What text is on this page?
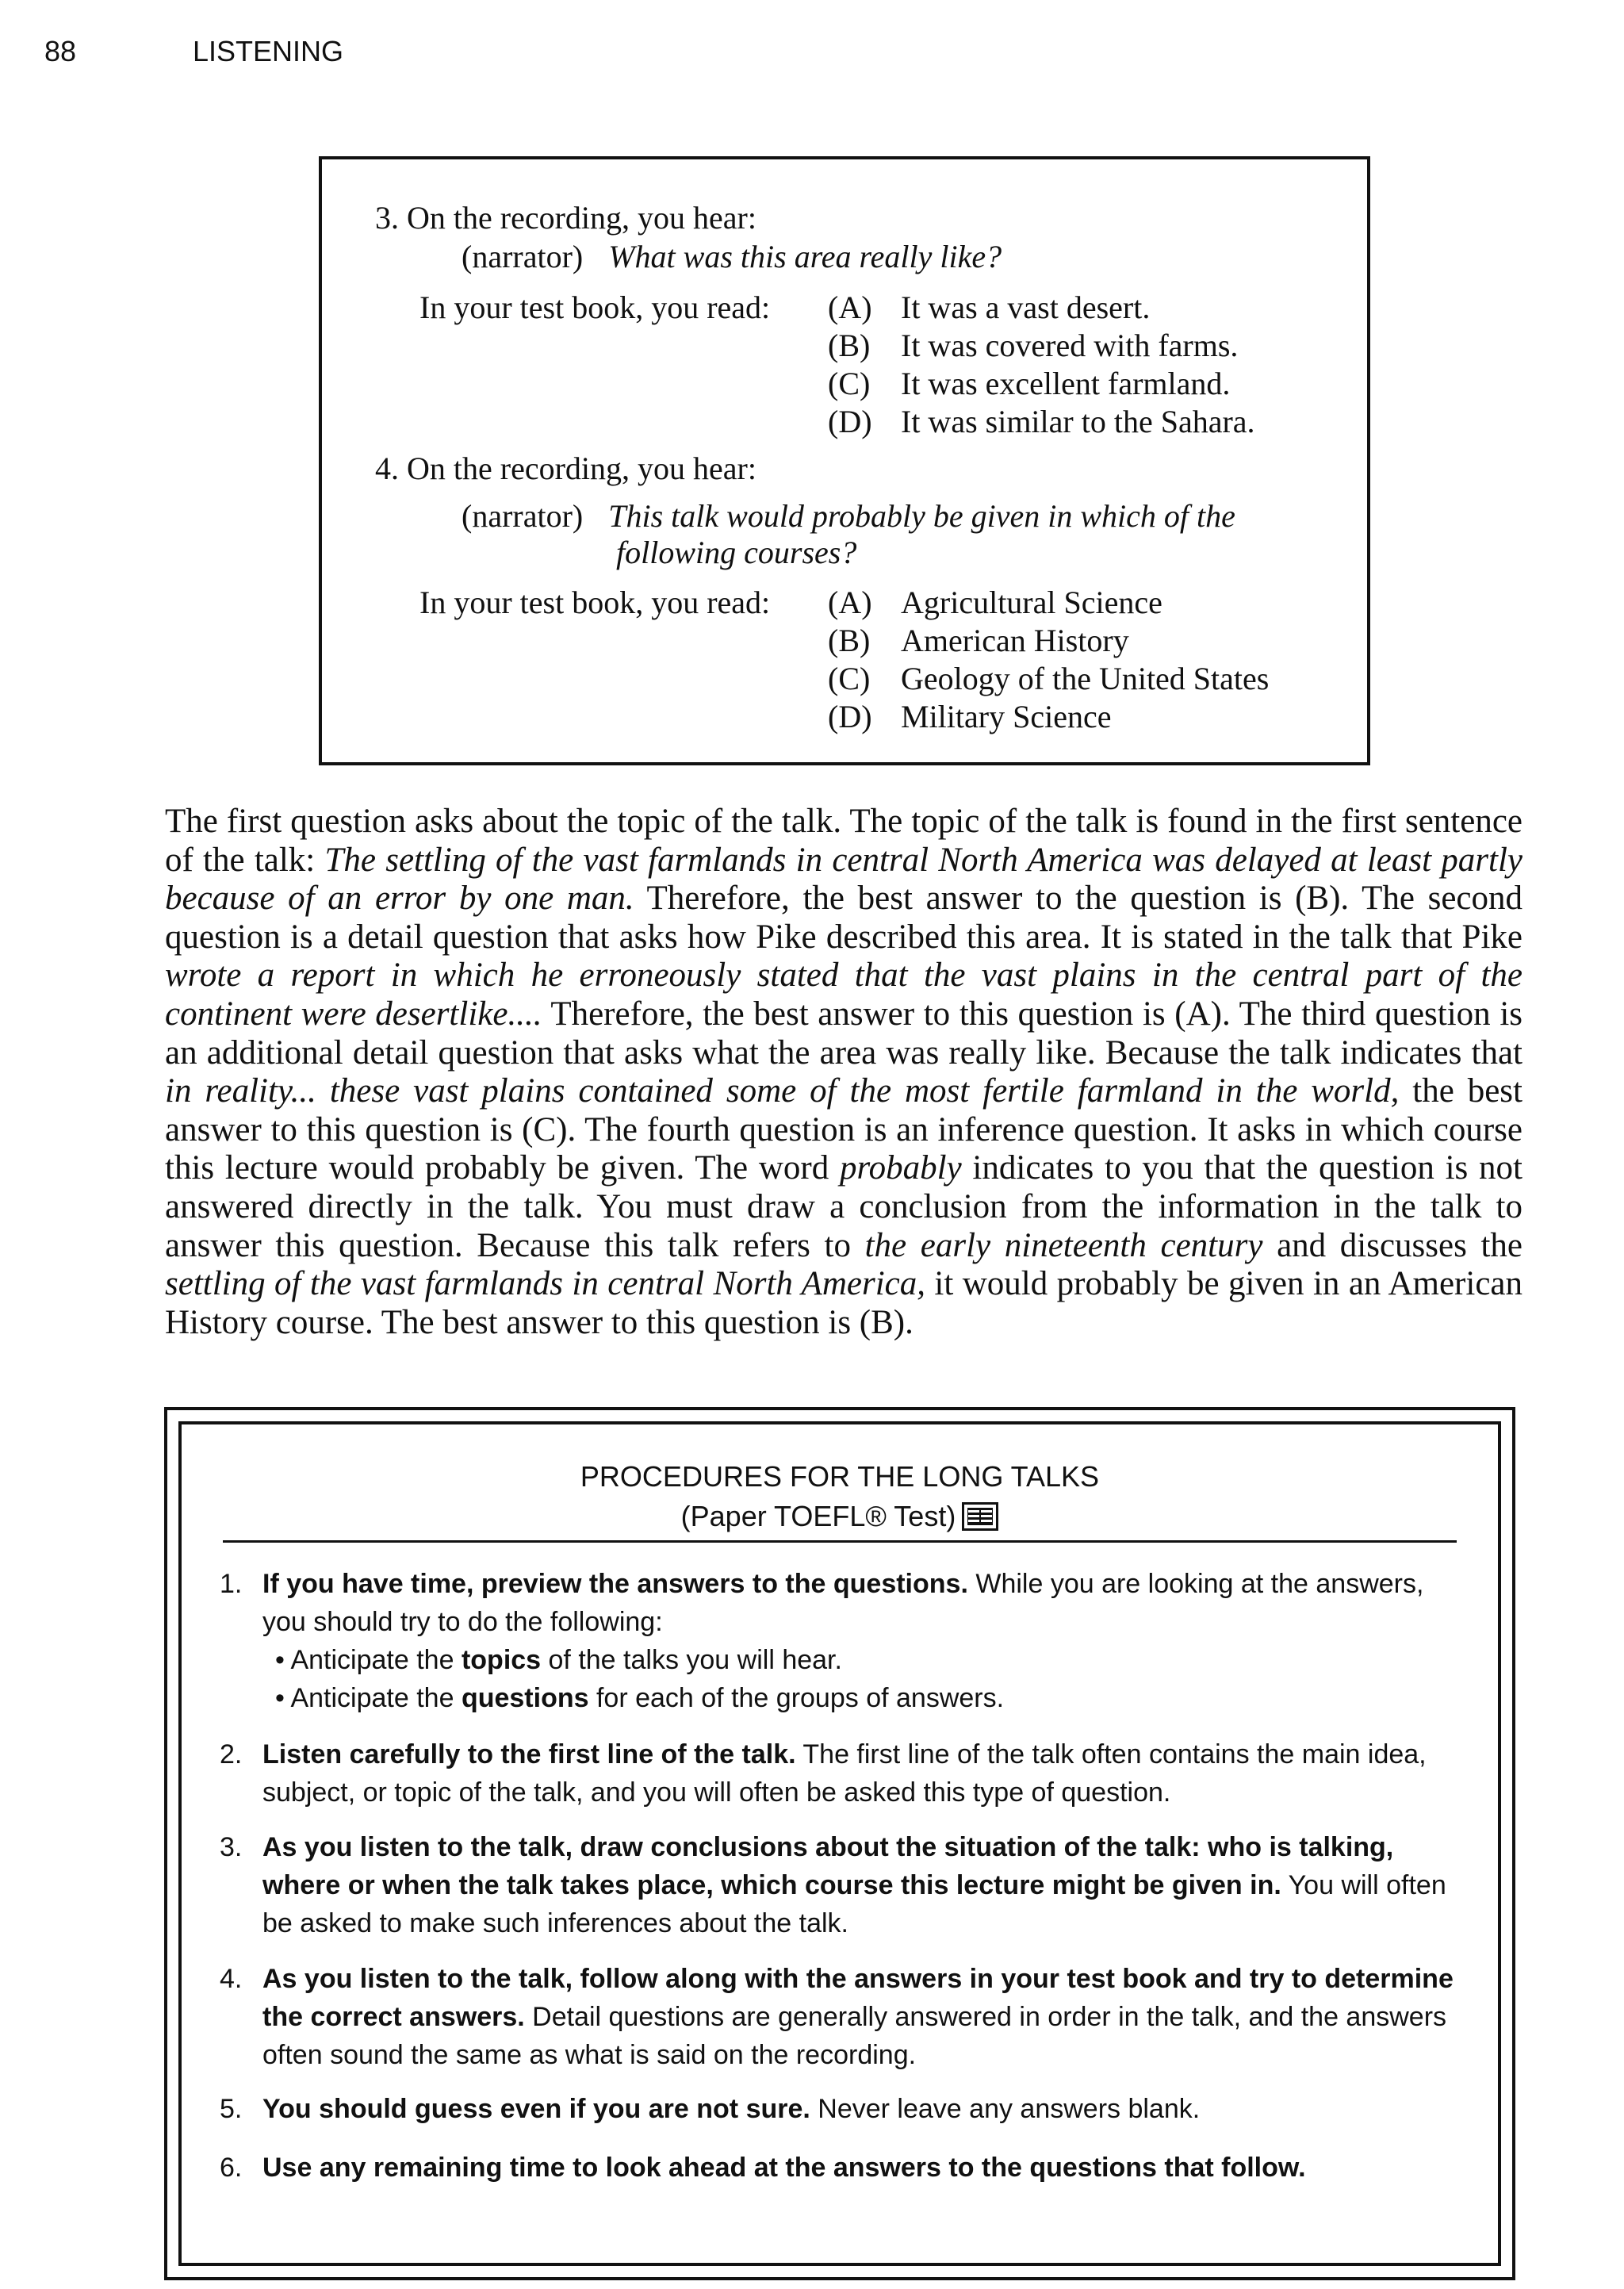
88	LISTENING
3. On the recording, you hear:
(narrator) What was this area really like?
In your test book, you read: (A) It was a vast desert.
(B) It was covered with farms.
(C) It was excellent farmland.
(D) It was similar to the Sahara.
4. On the recording, you hear:
(narrator) This talk would probably be given in which of the
following courses?
In your test book, you read: (A) Agricultural Science
(B) American History
(C) Geology of the United States
(D) Military Science
The first question asks about the topic of the talk. The topic of the talk is found in the first sentence of the talk: The settling of the vast farmlands in central North America was delayed at least partly because of an error by one man. Therefore, the best answer to the question is (B). The second question is a detail question that asks how Pike described this area. It is stated in the talk that Pike wrote a report in which he erroneously stated that the vast plains in the central part of the continent were desertlike.... Therefore, the best answer to this question is (A). The third question is an additional detail question that asks what the area was really like. Because the talk indicates that in reality... these vast plains contained some of the most fertile farmland in the world, the best answer to this question is (C). The fourth question is an inference question. It asks in which course this lecture would probably be given. The word probably indicates to you that the question is not answered directly in the talk. You must draw a conclusion from the information in the talk to answer this question. Because this talk refers to the early nineteenth century and discusses the settling of the vast farmlands in central North America, it would probably be given in an American History course. The best answer to this question is (B).
PROCEDURES FOR THE LONG TALKS
(Paper TOEFL® Test)
1. If you have time, preview the answers to the questions. While you are looking at the answers, you should try to do the following:
• Anticipate the topics of the talks you will hear.
• Anticipate the questions for each of the groups of answers.
2. Listen carefully to the first line of the talk. The first line of the talk often contains the main idea, subject, or topic of the talk, and you will often be asked this type of question.
3. As you listen to the talk, draw conclusions about the situation of the talk: who is talking, where or when the talk takes place, which course this lecture might be given in. You will often be asked to make such inferences about the talk.
4. As you listen to the talk, follow along with the answers in your test book and try to determine the correct answers. Detail questions are generally answered in order in the talk, and the answers often sound the same as what is said on the recording.
5. You should guess even if you are not sure. Never leave any answers blank.
6. Use any remaining time to look ahead at the answers to the questions that follow.
